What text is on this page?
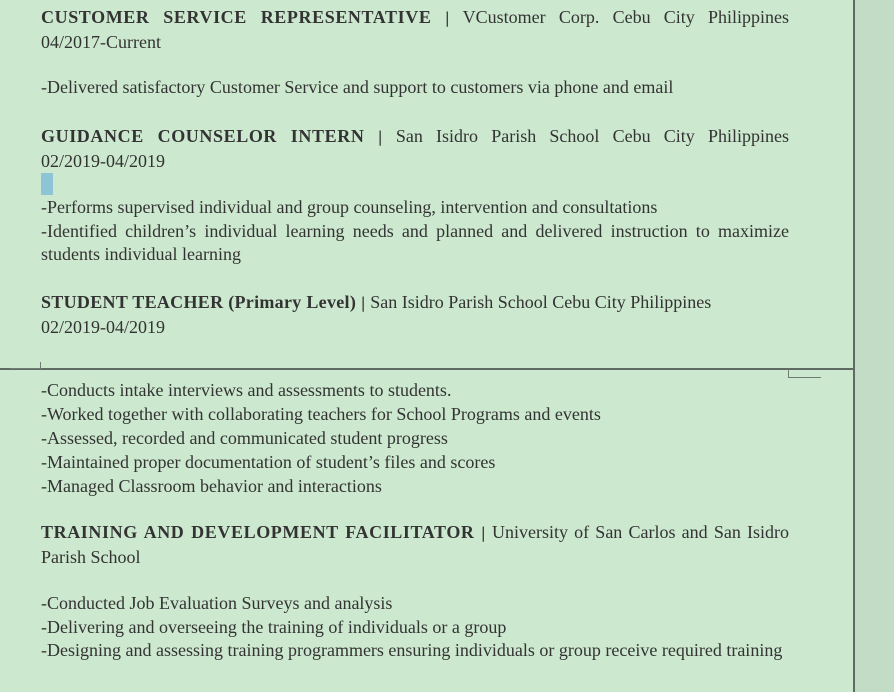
CUSTOMER SERVICE REPRESENTATIVE | VCustomer Corp. Cebu City Philippines
04/2017-Current
-Delivered satisfactory Customer Service and support to customers via phone and email
GUIDANCE COUNSELOR INTERN | San Isidro Parish School Cebu City Philippines
02/2019-04/2019
-Performs supervised individual and group counseling, intervention and consultations
-Identified children’s individual learning needs and planned and delivered instruction to maximize students individual learning
STUDENT TEACHER (Primary Level) | San Isidro Parish School Cebu City Philippines
02/2019-04/2019
-Conducts intake interviews and assessments to students.
-Worked together with collaborating teachers for School Programs and events
-Assessed, recorded and communicated student progress
-Maintained proper documentation of student’s files and scores
-Managed Classroom behavior and interactions
TRAINING AND DEVELOPMENT FACILITATOR | University of San Carlos and San Isidro Parish School
-Conducted Job Evaluation Surveys and analysis
-Delivering and overseeing the training of individuals or a group
-Designing and assessing training programmers ensuring individuals or group receive required training
